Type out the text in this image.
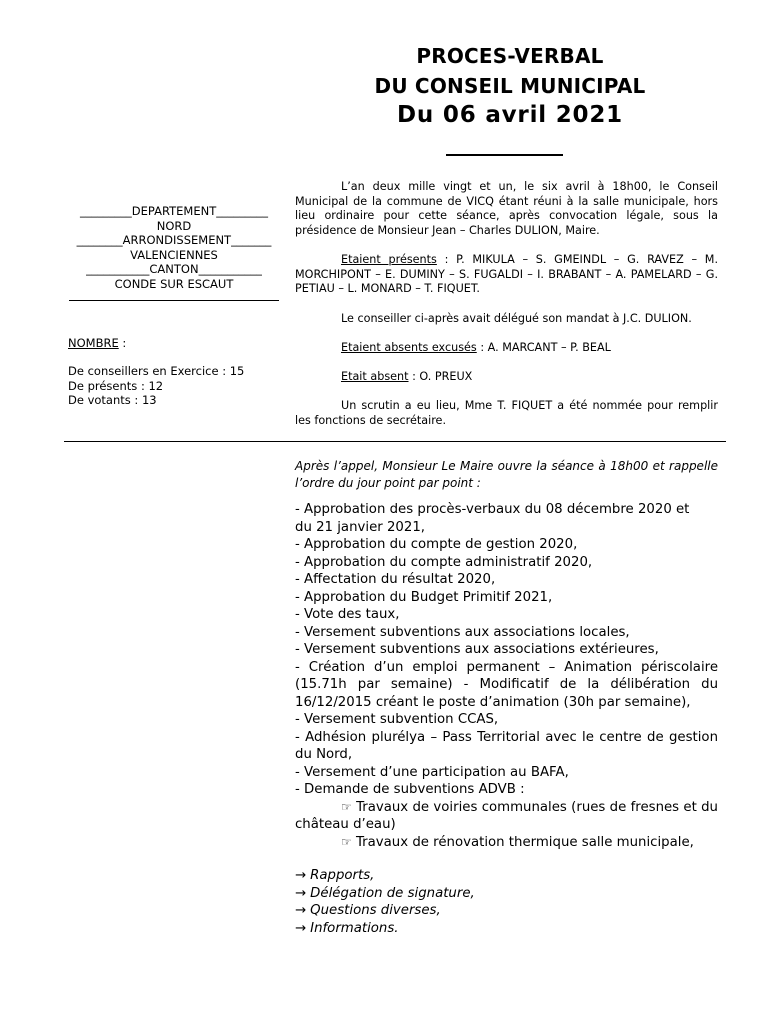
PROCES-VERBAL
DU CONSEIL MUNICIPAL
Du 06 avril 2021
_________DEPARTEMENT_________
NORD
________ARRONDISSEMENT_______
VALENCIENNES
___________CANTON___________
CONDE SUR ESCAUT
NOMBRE :
De conseillers en Exercice : 15
De présents : 12
De votants : 13
L’an deux mille vingt et un, le six avril à 18h00, le Conseil Municipal de la commune de VICQ étant réuni à la salle municipale, hors lieu ordinaire pour cette séance, après convocation légale, sous la présidence de Monsieur Jean – Charles DULION, Maire.
Etaient présents : P. MIKULA – S. GMEINDL – G. RAVEZ – M. MORCHIPONT – E. DUMINY – S. FUGALDI – I. BRABANT – A. PAMELARD – G. PETIAU – L. MONARD – T. FIQUET.
Le conseiller ci-après avait délégué son mandat à J.C. DULION.
Etaient absents excusés : A. MARCANT – P. BEAL
Etait absent : O. PREUX
Un scrutin a eu lieu, Mme T. FIQUET a été nommée pour remplir les fonctions de secrétaire.
Après l’appel, Monsieur Le Maire ouvre la séance à 18h00 et rappelle l’ordre du jour point par point :
- Approbation des procès-verbaux du 08 décembre 2020 et
du 21 janvier 2021,
- Approbation du compte de gestion 2020,
- Approbation du compte administratif 2020,
- Affectation du résultat 2020,
- Approbation du Budget Primitif 2021,
- Vote des taux,
- Versement subventions aux associations locales,
- Versement subventions aux associations extérieures,
- Création d’un emploi permanent – Animation périscolaire (15.71h par semaine) - Modificatif de la délibération du 16/12/2015 créant le poste d’animation (30h par semaine),
- Versement subvention CCAS,
- Adhésion plurélya – Pass Territorial avec le centre de gestion du Nord,
- Versement d’une participation au BAFA,
- Demande de subventions ADVB :
☞ Travaux de voiries communales (rues de fresnes et du château d’eau)
☞ Travaux de rénovation thermique salle municipale,
→ Rapports,
→ Délégation de signature,
→ Questions diverses,
→ Informations.
